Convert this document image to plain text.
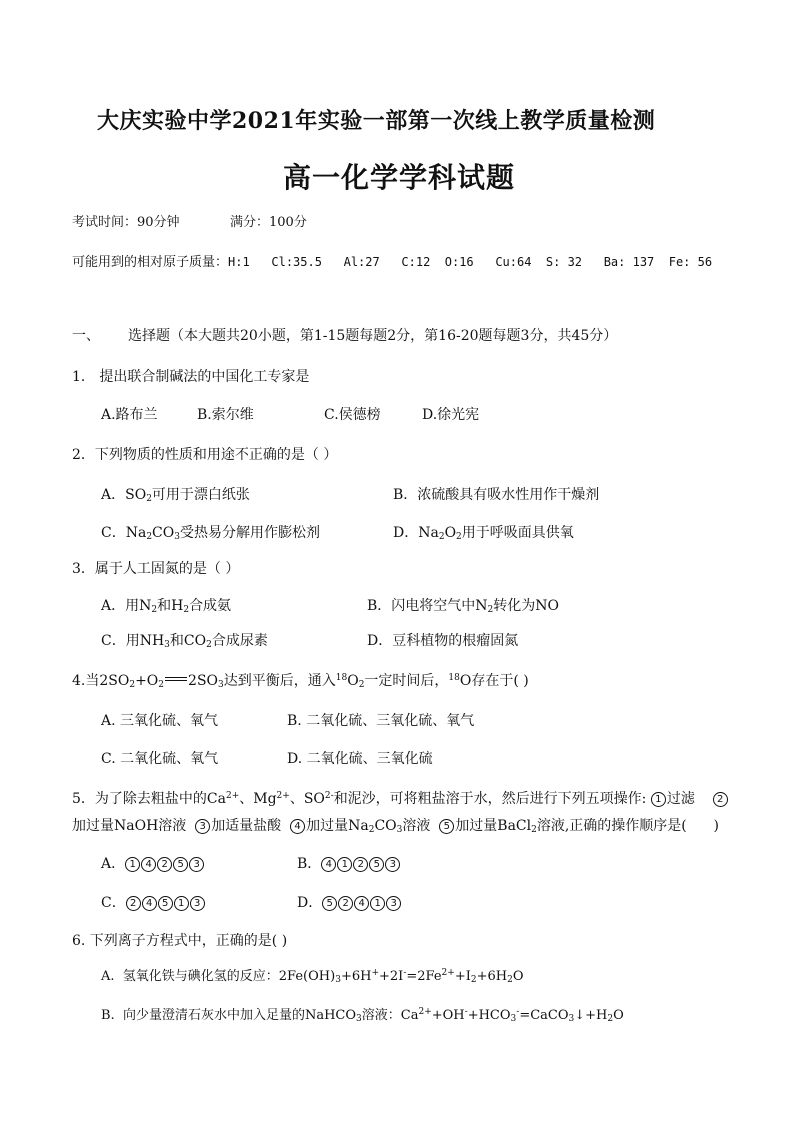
大庆实验中学2021年实验一部第一次线上教学质量检测
高一化学学科试题
考试时间：90分钟	满分：100分
可能用到的相对原子质量：H:1   Cl:35.5   Al:27   C:12  O:16   Cu:64  S: 32   Ba: 137  Fe: 56
一、 选择题（本大题共20小题，第1-15题每题2分，第16-20题每题3分，共45分）
1． 提出联合制碱法的中国化工专家是
A.路布兰	B.索尔维	C.侯德榜	D.徐光宪
2．下列物质的性质和用途不正确的是（ ）
A．$SO_2$可用于漂白纸张	B．浓硫酸具有吸水性用作干燥剂
C．$Na_2CO_3$受热易分解用作膨松剂	D．$Na_2O_2$用于呼吸面具供氧
3．属于人工固氮的是（ ）
A．用$N_2$和$H_2$合成氨	B．闪电将空气中$N_2$转化为NO
C．用$NH_3$和$CO_2$合成尿素	D．豆科植物的根瘤固氮
4.当$2SO_2+O_2$ $2SO_3$达到平衡后，通入$^{18}O_2$一定时间后，$^{18}$O存在于( )
A. 三氧化硫、氧气	B. 二氧化硫、三氧化硫、氧气
C. 二氧化硫、氧气	D. 二氧化硫、三氧化硫
5．为了除去粗盐中的$Ca^{2+}$、$Mg^{2+}$、$SO^{2-}$和泥沙，可将粗盐溶于水，然后进行下列五项操作: 1 过滤    2
加过量NaOH溶液  3 加适量盐酸  4 加过量$Na_2CO_3$溶液  5 加过量BaCl$_2$溶液,正确的操作顺序是(      )
A． 1 4 2 5 3	B． 4 1 2 5 3
C． 2 4 5 1 3	D． 5 2 4 1 3
6. 下列离子方程式中，正确的是( )
A.  氢氧化铁与碘化氢的反应：$2Fe(OH)_3+6H^++2I^-=2Fe^{2+}+I_2+6H_2O$
B.  向少量澄清石灰水中加入足量的NaHCO$_3$溶液：$Ca^{2+}+OH^-+HCO_3^-=CaCO_3↓+H_2O$
